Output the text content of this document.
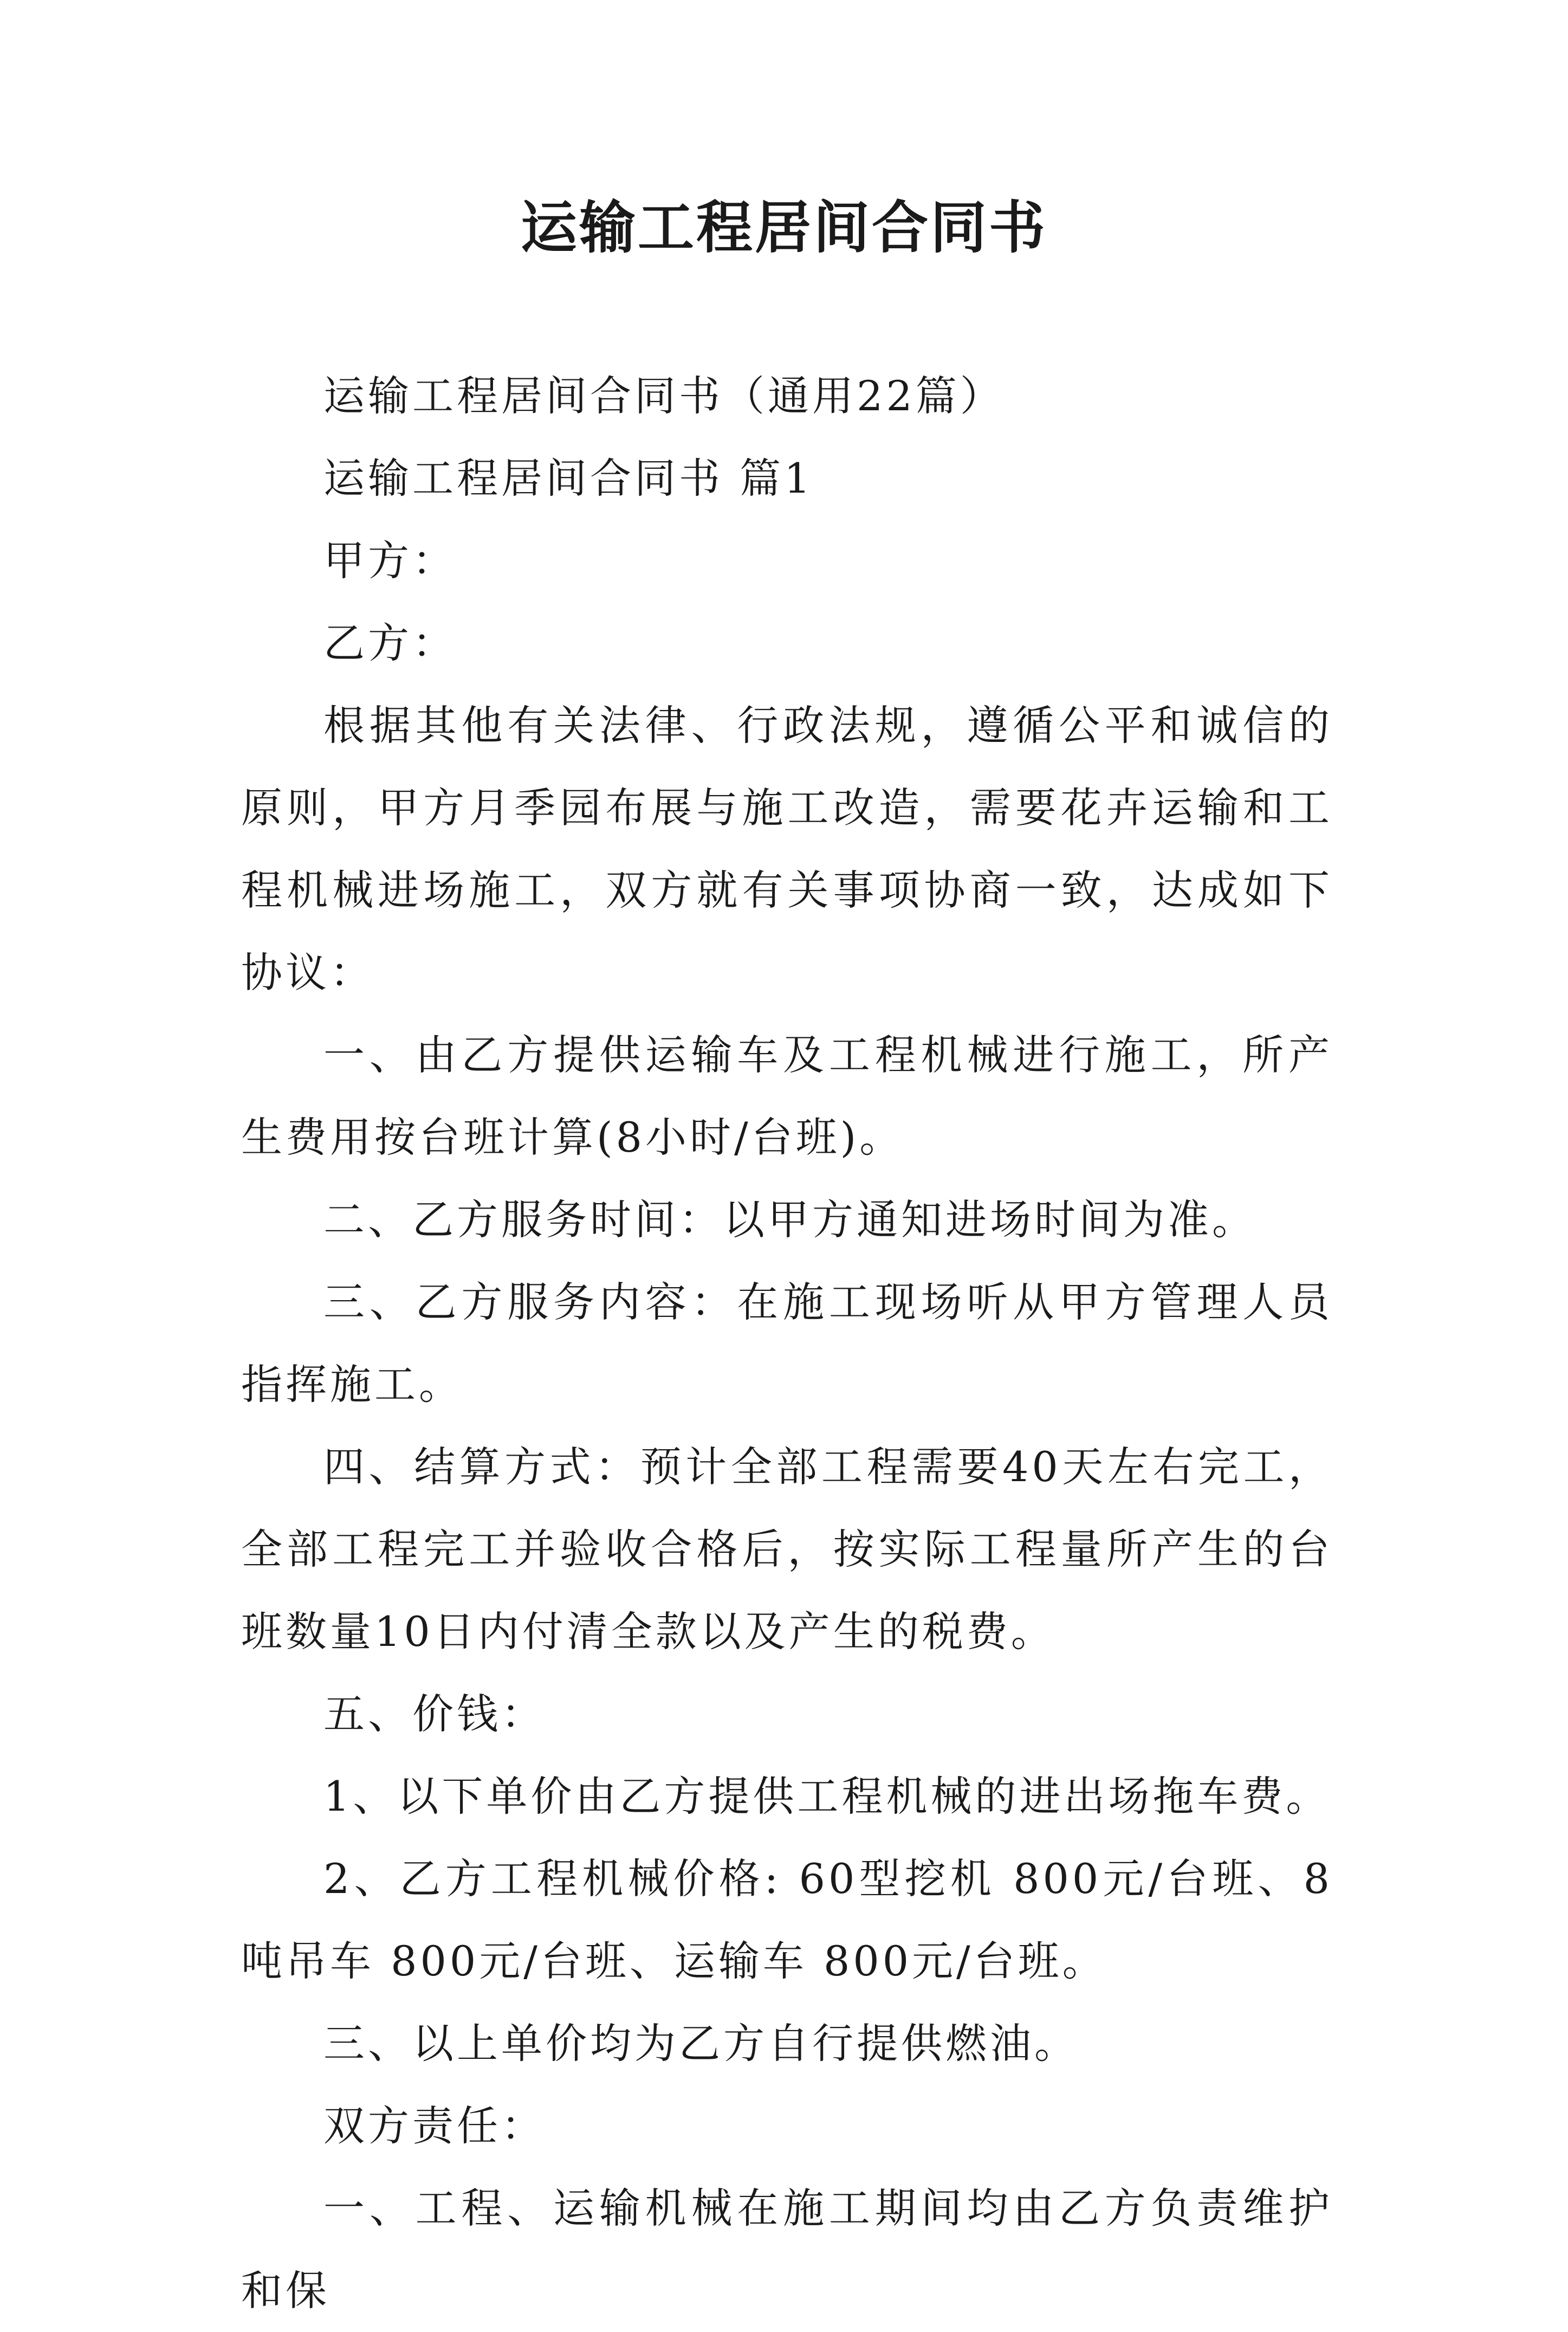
运输工程居间合同书

运输工程居间合同书（通用22篇）

运输工程居间合同书 篇1

甲方：

乙方：

根据其他有关法律、行政法规，遵循公平和诚信的原则，甲方月季园布展与施工改造，需要花卉运输和工程机械进场施工，双方就有关事项协商一致，达成如下协议：

一、由乙方提供运输车及工程机械进行施工，所产生费用按台班计算(8小时/台班)。

二、乙方服务时间：以甲方通知进场时间为准。

三、乙方服务内容：在施工现场听从甲方管理人员指挥施工。

四、结算方式：预计全部工程需要40天左右完工，全部工程完工并验收合格后，按实际工程量所产生的台班数量10日内付清全款以及产生的税费。

五、价钱：

1、以下单价由乙方提供工程机械的进出场拖车费。

2、乙方工程机械价格: 60型挖机 800元/台班、8吨吊车 800元/台班、运输车 800元/台班。

三、以上单价均为乙方自行提供燃油。

双方责任：

一、工程、运输机械在施工期间均由乙方负责维护和保
